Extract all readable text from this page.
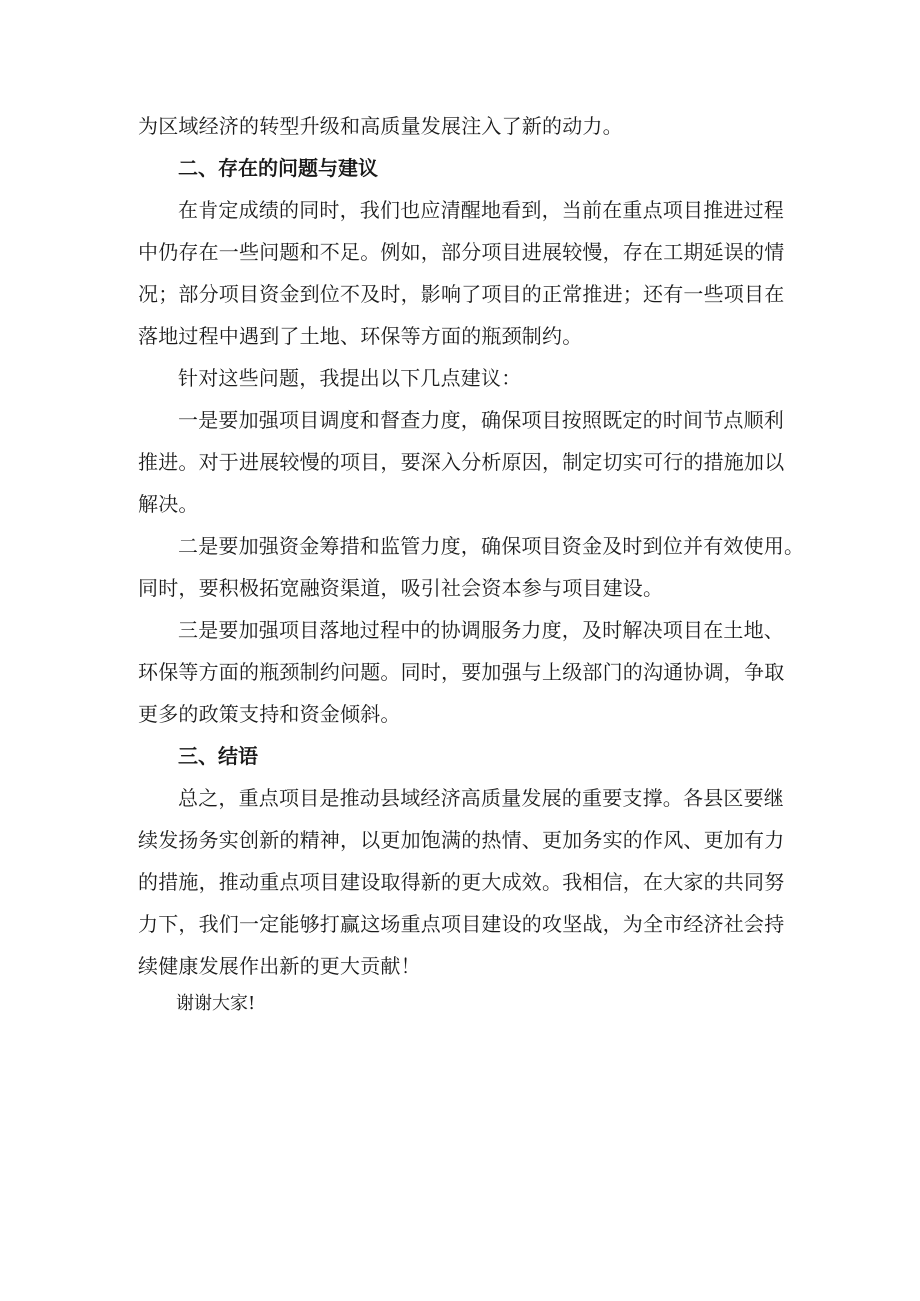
为区域经济的转型升级和高质量发展注入了新的动力。
二、存在的问题与建议
在肯定成绩的同时，我们也应清醒地看到，当前在重点项目推进过程
中仍存在一些问题和不足。例如，部分项目进展较慢，存在工期延误的情
况；部分项目资金到位不及时，影响了项目的正常推进；还有一些项目在
落地过程中遇到了土地、环保等方面的瓶颈制约。
针对这些问题，我提出以下几点建议：
一是要加强项目调度和督查力度，确保项目按照既定的时间节点顺利
推进。对于进展较慢的项目，要深入分析原因，制定切实可行的措施加以
解决。
二是要加强资金筹措和监管力度，确保项目资金及时到位并有效使用。
同时，要积极拓宽融资渠道，吸引社会资本参与项目建设。
三是要加强项目落地过程中的协调服务力度，及时解决项目在土地、
环保等方面的瓶颈制约问题。同时，要加强与上级部门的沟通协调，争取
更多的政策支持和资金倾斜。
三、结语
总之，重点项目是推动县域经济高质量发展的重要支撑。各县区要继
续发扬务实创新的精神，以更加饱满的热情、更加务实的作风、更加有力
的措施，推动重点项目建设取得新的更大成效。我相信，在大家的共同努
力下，我们一定能够打赢这场重点项目建设的攻坚战，为全市经济社会持
续健康发展作出新的更大贡献！
谢谢大家!
